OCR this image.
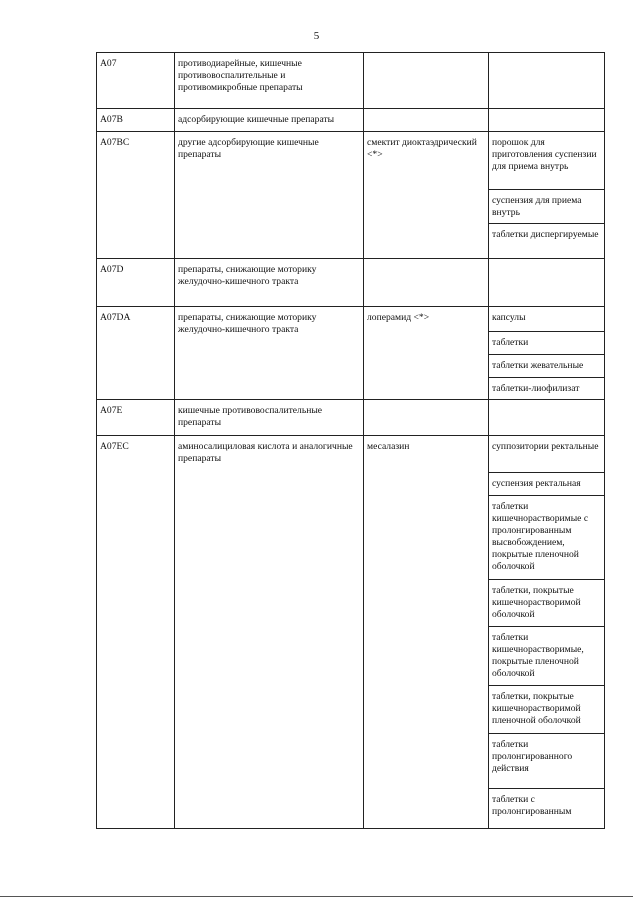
5
A07	противодиарейные, кишечные противовоспалительные и противомикробные препараты		
A07B	адсорбирующие кишечные препараты		
A07BC	другие адсорбирующие кишечные препараты	смектит диоктаэдрический <*>	порошок для приготовления суспензии для приема внутрь
			суспензия для приема внутрь
			таблетки диспергируемые
A07D	препараты, снижающие моторику желудочно-кишечного тракта		
A07DA	препараты, снижающие моторику желудочно-кишечного тракта	лоперамид <*>	капсулы
			таблетки
			таблетки жевательные
			таблетки-лиофилизат
A07E	кишечные противовоспалительные препараты		
A07EC	аминосалициловая кислота и аналогичные препараты	месалазин	суппозитории ректальные
			суспензия ректальная
			таблетки кишечнорастворимые с пролонгированным высвобождением, покрытые пленочной оболочкой
			таблетки, покрытые кишечнорастворимой оболочкой
			таблетки кишечнорастворимые, покрытые пленочной оболочкой
			таблетки, покрытые кишечнорастворимой пленочной оболочкой
			таблетки пролонгированного действия
			таблетки с пролонгированным
